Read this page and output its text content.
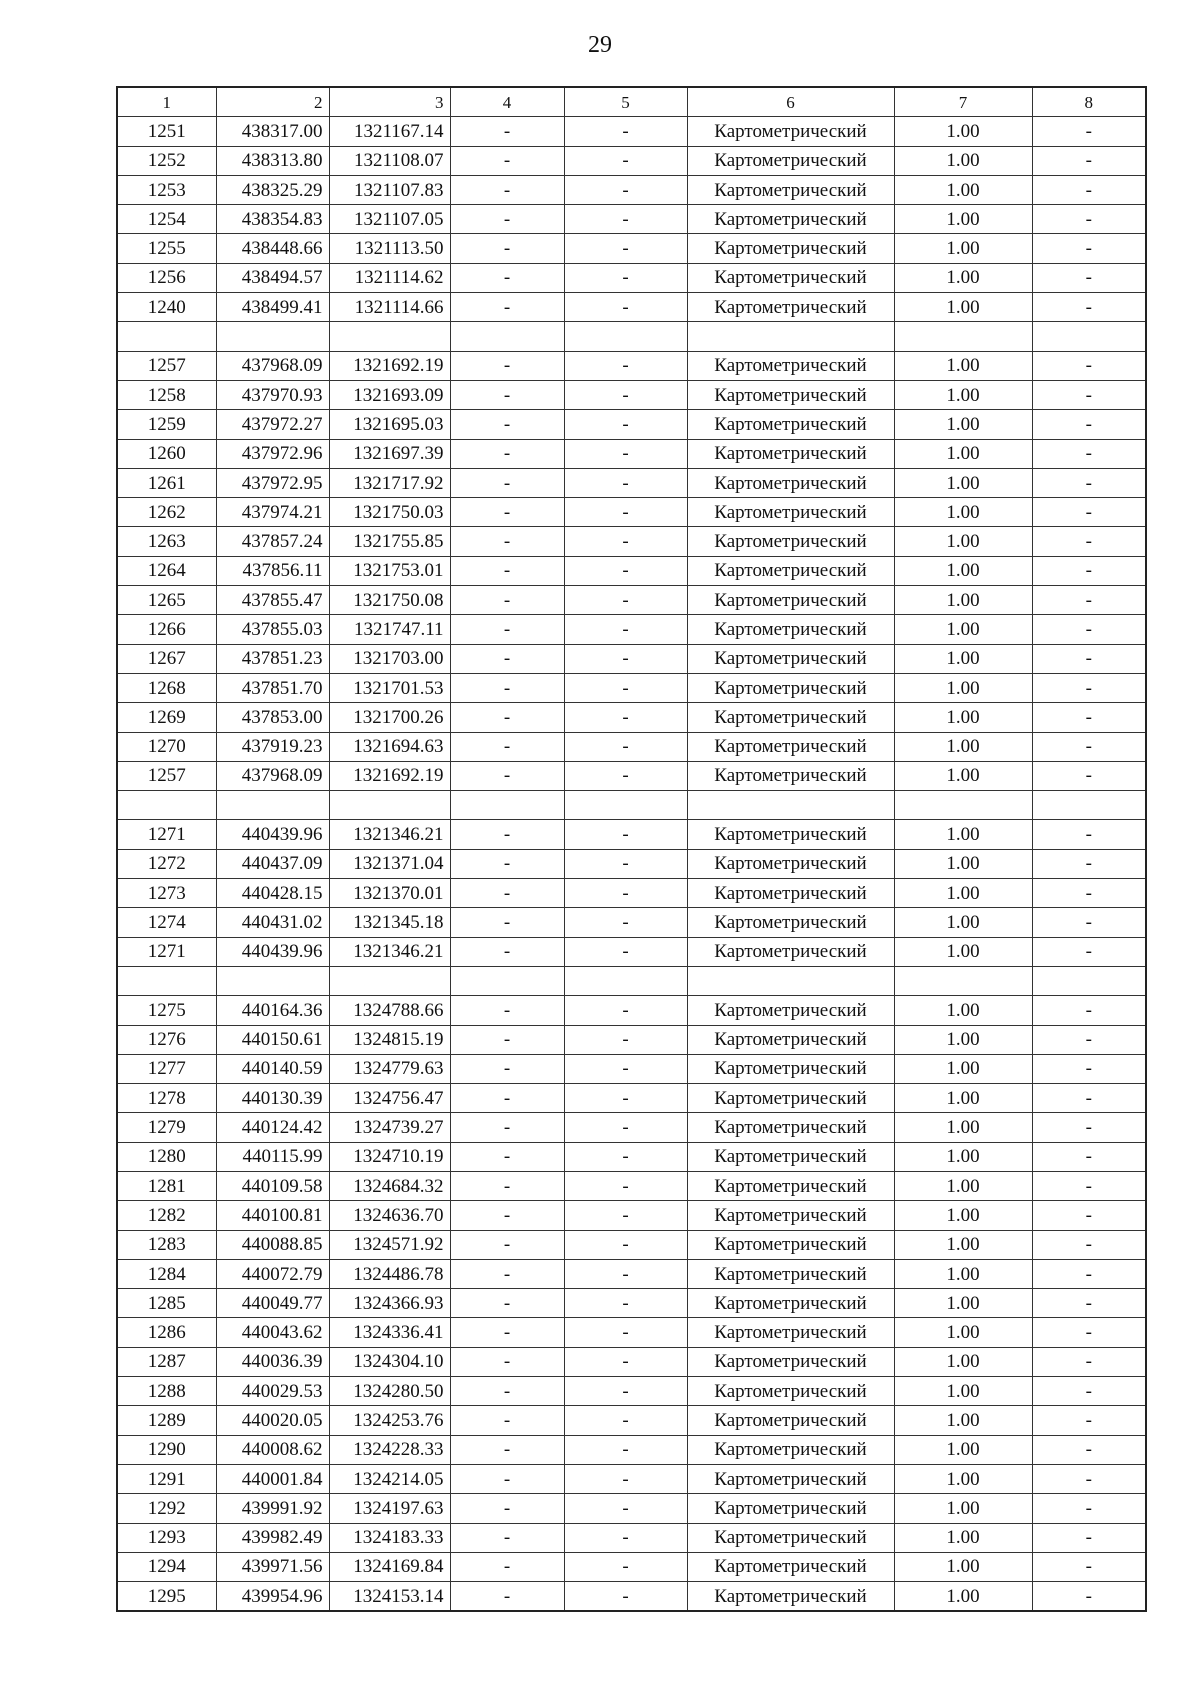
29
1	2	3	4	5	6	7	8
1251	438317.00	1321167.14	-	-	Картометрический	1.00	-
1252	438313.80	1321108.07	-	-	Картометрический	1.00	-
1253	438325.29	1321107.83	-	-	Картометрический	1.00	-
1254	438354.83	1321107.05	-	-	Картометрический	1.00	-
1255	438448.66	1321113.50	-	-	Картометрический	1.00	-
1256	438494.57	1321114.62	-	-	Картометрический	1.00	-
1240	438499.41	1321114.66	-	-	Картометрический	1.00	-

1257	437968.09	1321692.19	-	-	Картометрический	1.00	-
1258	437970.93	1321693.09	-	-	Картометрический	1.00	-
1259	437972.27	1321695.03	-	-	Картометрический	1.00	-
1260	437972.96	1321697.39	-	-	Картометрический	1.00	-
1261	437972.95	1321717.92	-	-	Картометрический	1.00	-
1262	437974.21	1321750.03	-	-	Картометрический	1.00	-
1263	437857.24	1321755.85	-	-	Картометрический	1.00	-
1264	437856.11	1321753.01	-	-	Картометрический	1.00	-
1265	437855.47	1321750.08	-	-	Картометрический	1.00	-
1266	437855.03	1321747.11	-	-	Картометрический	1.00	-
1267	437851.23	1321703.00	-	-	Картометрический	1.00	-
1268	437851.70	1321701.53	-	-	Картометрический	1.00	-
1269	437853.00	1321700.26	-	-	Картометрический	1.00	-
1270	437919.23	1321694.63	-	-	Картометрический	1.00	-
1257	437968.09	1321692.19	-	-	Картометрический	1.00	-

1271	440439.96	1321346.21	-	-	Картометрический	1.00	-
1272	440437.09	1321371.04	-	-	Картометрический	1.00	-
1273	440428.15	1321370.01	-	-	Картометрический	1.00	-
1274	440431.02	1321345.18	-	-	Картометрический	1.00	-
1271	440439.96	1321346.21	-	-	Картометрический	1.00	-

1275	440164.36	1324788.66	-	-	Картометрический	1.00	-
1276	440150.61	1324815.19	-	-	Картометрический	1.00	-
1277	440140.59	1324779.63	-	-	Картометрический	1.00	-
1278	440130.39	1324756.47	-	-	Картометрический	1.00	-
1279	440124.42	1324739.27	-	-	Картометрический	1.00	-
1280	440115.99	1324710.19	-	-	Картометрический	1.00	-
1281	440109.58	1324684.32	-	-	Картометрический	1.00	-
1282	440100.81	1324636.70	-	-	Картометрический	1.00	-
1283	440088.85	1324571.92	-	-	Картометрический	1.00	-
1284	440072.79	1324486.78	-	-	Картометрический	1.00	-
1285	440049.77	1324366.93	-	-	Картометрический	1.00	-
1286	440043.62	1324336.41	-	-	Картометрический	1.00	-
1287	440036.39	1324304.10	-	-	Картометрический	1.00	-
1288	440029.53	1324280.50	-	-	Картометрический	1.00	-
1289	440020.05	1324253.76	-	-	Картометрический	1.00	-
1290	440008.62	1324228.33	-	-	Картометрический	1.00	-
1291	440001.84	1324214.05	-	-	Картометрический	1.00	-
1292	439991.92	1324197.63	-	-	Картометрический	1.00	-
1293	439982.49	1324183.33	-	-	Картометрический	1.00	-
1294	439971.56	1324169.84	-	-	Картометрический	1.00	-
1295	439954.96	1324153.14	-	-	Картометрический	1.00	-
